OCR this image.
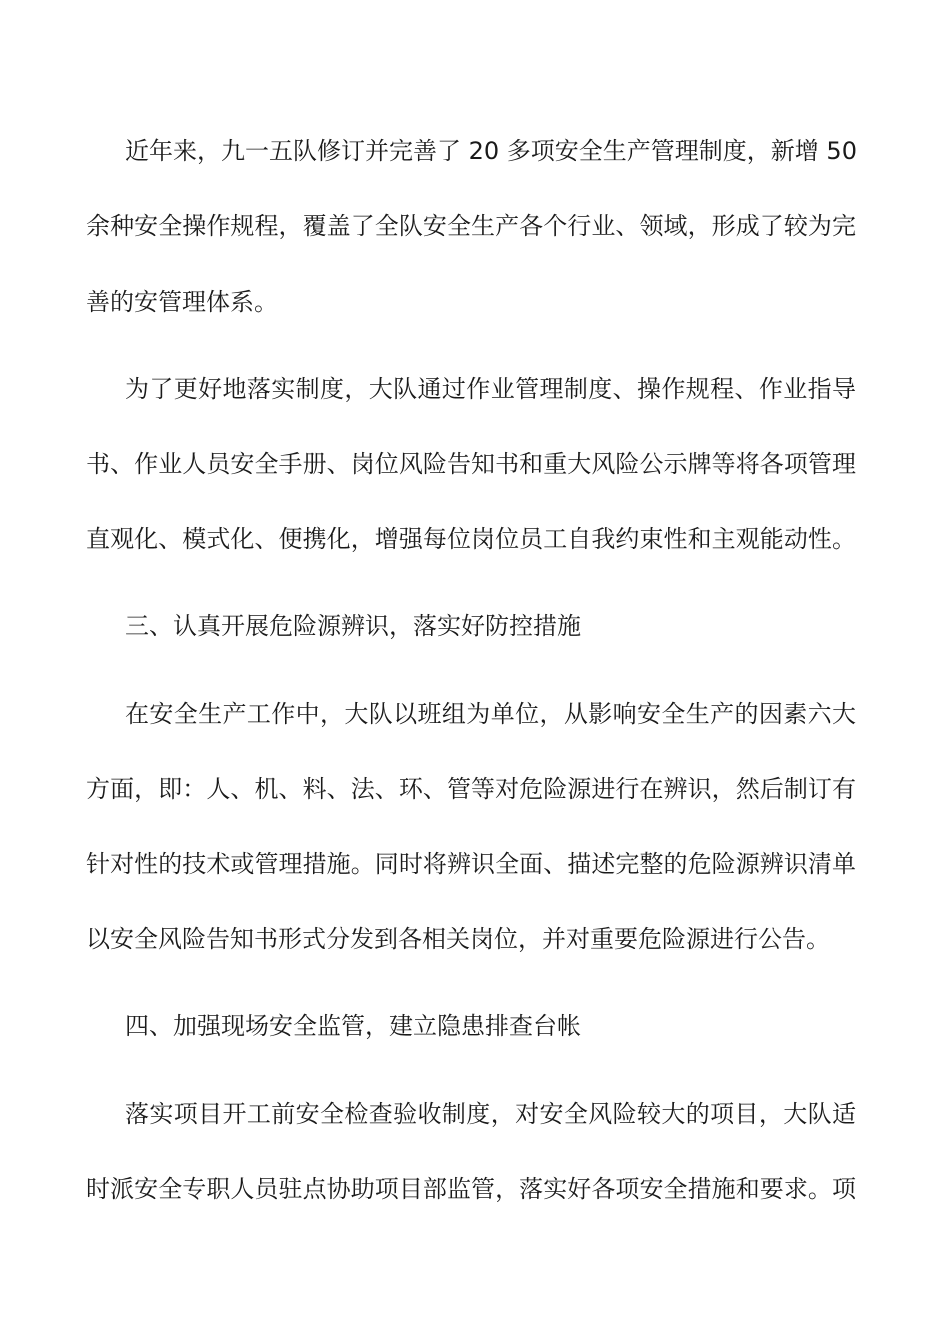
近年来，九一五队修订并完善了 20 多项安全生产管理制度，新增 50
余种安全操作规程，覆盖了全队安全生产各个行业、领域，形成了较为完
善的安管理体系。
为了更好地落实制度，大队通过作业管理制度、操作规程、作业指导
书、作业人员安全手册、岗位风险告知书和重大风险公示牌等将各项管理
直观化、模式化、便携化，增强每位岗位员工自我约束性和主观能动性。
三、认真开展危险源辨识，落实好防控措施
在安全生产工作中，大队以班组为单位，从影响安全生产的因素六大
方面，即：人、机、料、法、环、管等对危险源进行在辨识，然后制订有
针对性的技术或管理措施。同时将辨识全面、描述完整的危险源辨识清单
以安全风险告知书形式分发到各相关岗位，并对重要危险源进行公告。
四、加强现场安全监管，建立隐患排查台帐
落实项目开工前安全检查验收制度，对安全风险较大的项目，大队适
时派安全专职人员驻点协助项目部监管，落实好各项安全措施和要求。项
